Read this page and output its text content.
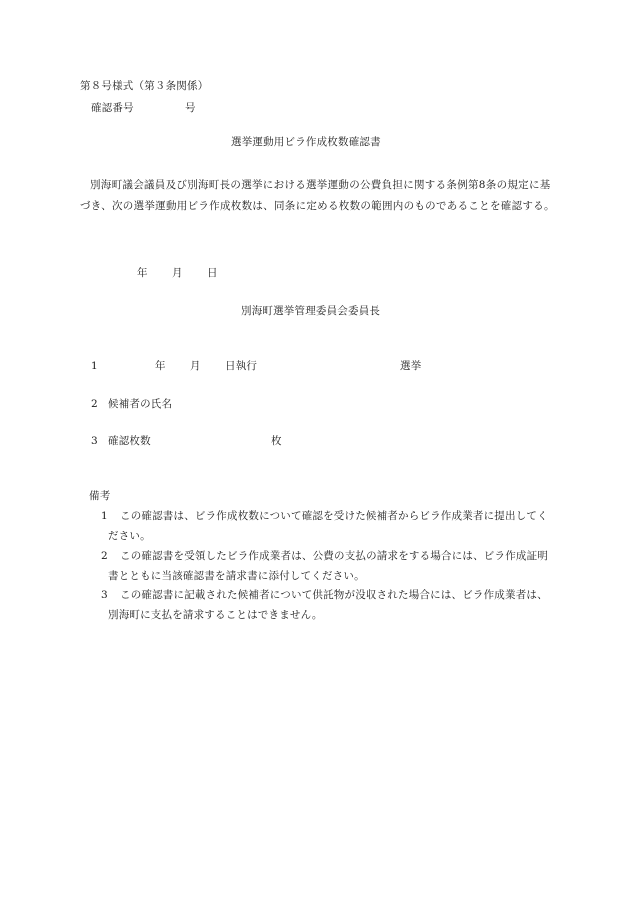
第８号様式（第３条関係）
確認番号	号
選挙運動用ビラ作成枚数確認書
別海町議会議員及び別海町長の選挙における選挙運動の公費負担に関する条例第8条の規定に基づき、次の選挙運動用ビラ作成枚数は、同条に定める枚数の範囲内のものであることを確認する。
年 月 日
別海町選挙管理委員会委員長
1	年 月 日執行	選挙
2 候補者の氏名
3 確認枚数	枚
備考
1	この確認書は、ビラ作成枚数について確認を受けた候補者からビラ作成業者に提出してください。
2	この確認書を受領したビラ作成業者は、公費の支払の請求をする場合には、ビラ作成証明書とともに当該確認書を請求書に添付してください。
3	この確認書に記載された候補者について供託物が没収された場合には、ビラ作成業者は、別海町に支払を請求することはできません。
